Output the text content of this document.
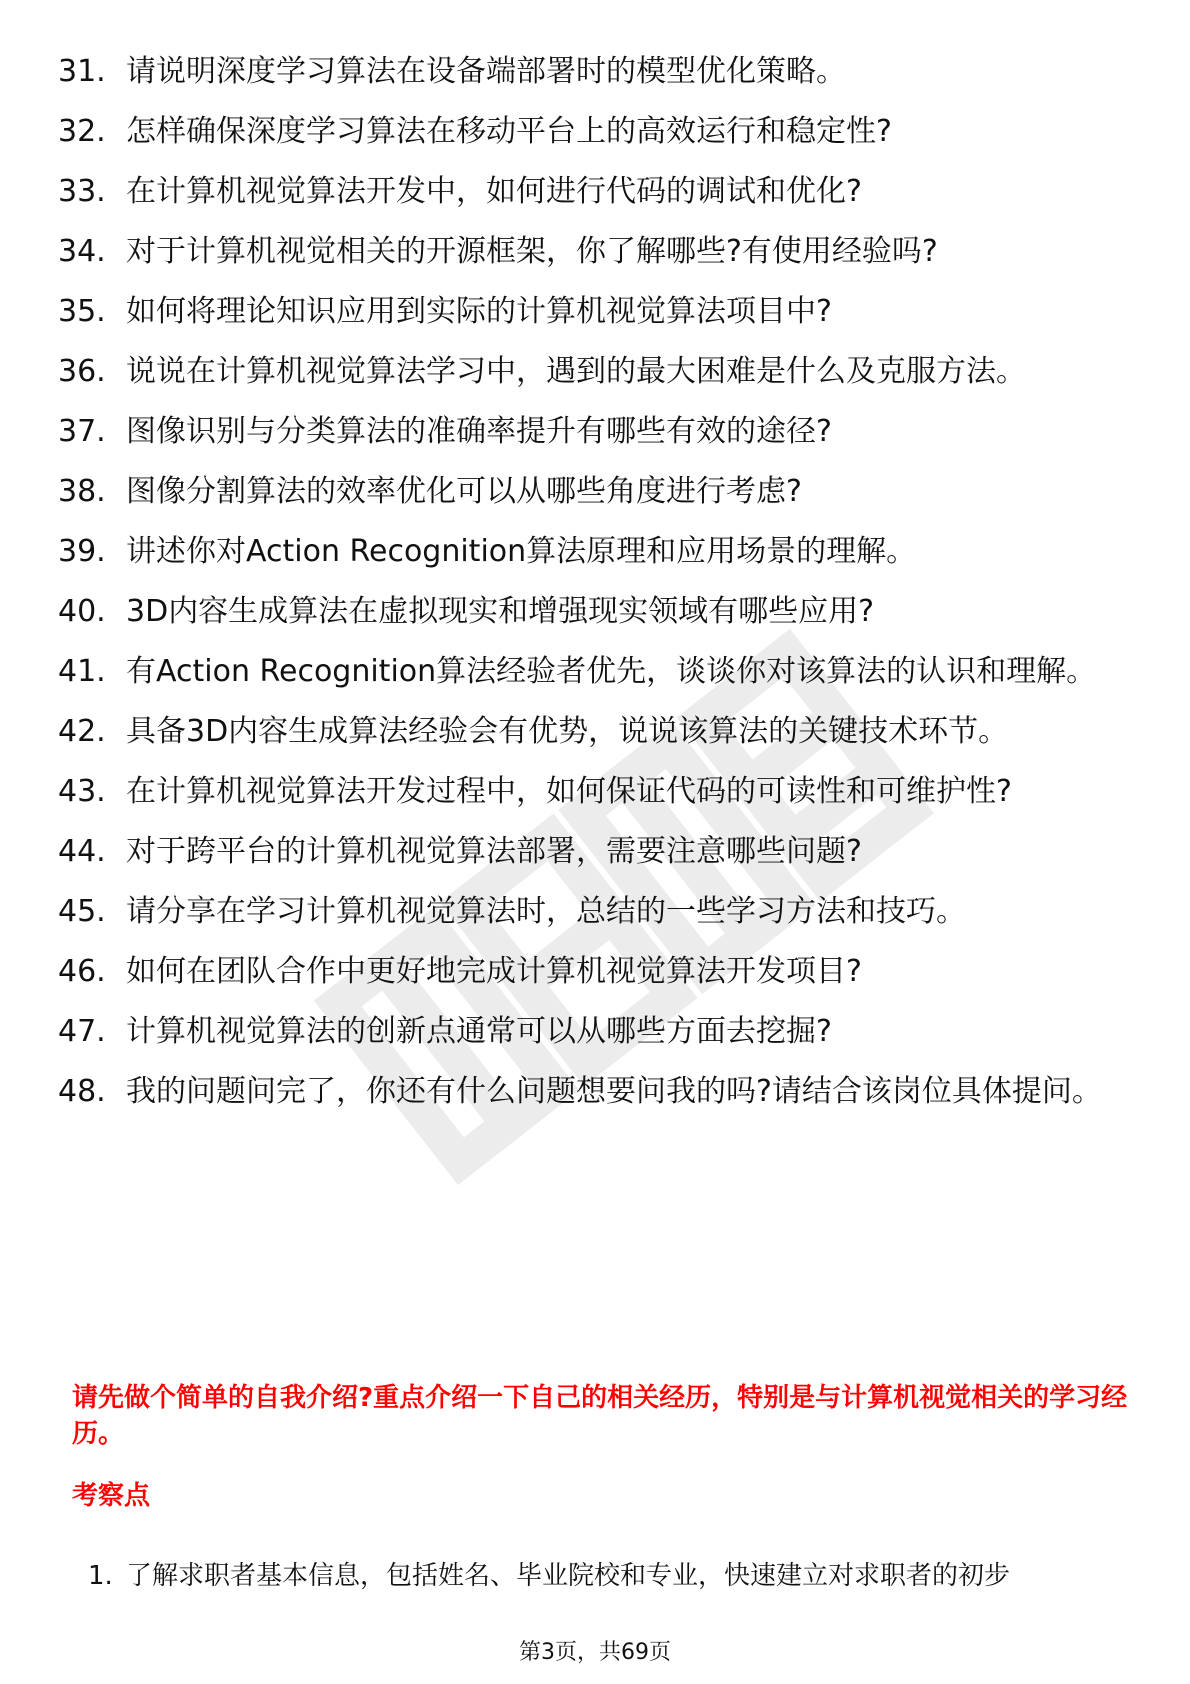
31. 请说明深度学习算法在设备端部署时的模型优化策略。
32. 怎样确保深度学习算法在移动平台上的高效运行和稳定性?
33. 在计算机视觉算法开发中，如何进行代码的调试和优化?
34. 对于计算机视觉相关的开源框架，你了解哪些?有使用经验吗?
35. 如何将理论知识应用到实际的计算机视觉算法项目中?
36. 说说在计算机视觉算法学习中，遇到的最大困难是什么及克服方法。
37. 图像识别与分类算法的准确率提升有哪些有效的途径?
38. 图像分割算法的效率优化可以从哪些角度进行考虑?
39. 讲述你对Action Recognition算法原理和应用场景的理解。
40. 3D内容生成算法在虚拟现实和增强现实领域有哪些应用?
41. 有Action Recognition算法经验者优先，谈谈你对该算法的认识和理解。
42. 具备3D内容生成算法经验会有优势，说说该算法的关键技术环节。
43. 在计算机视觉算法开发过程中，如何保证代码的可读性和可维护性?
44. 对于跨平台的计算机视觉算法部署，需要注意哪些问题?
45. 请分享在学习计算机视觉算法时，总结的一些学习方法和技巧。
46. 如何在团队合作中更好地完成计算机视觉算法开发项目?
47. 计算机视觉算法的创新点通常可以从哪些方面去挖掘?
48. 我的问题问完了，你还有什么问题想要问我的吗?请结合该岗位具体提问。

请先做个简单的自我介绍?重点介绍一下自己的相关经历，特别是与计算机视觉相关的学习经历。

考察点

1. 了解求职者基本信息，包括姓名、毕业院校和专业，快速建立对求职者的初步
第3页，共69页
